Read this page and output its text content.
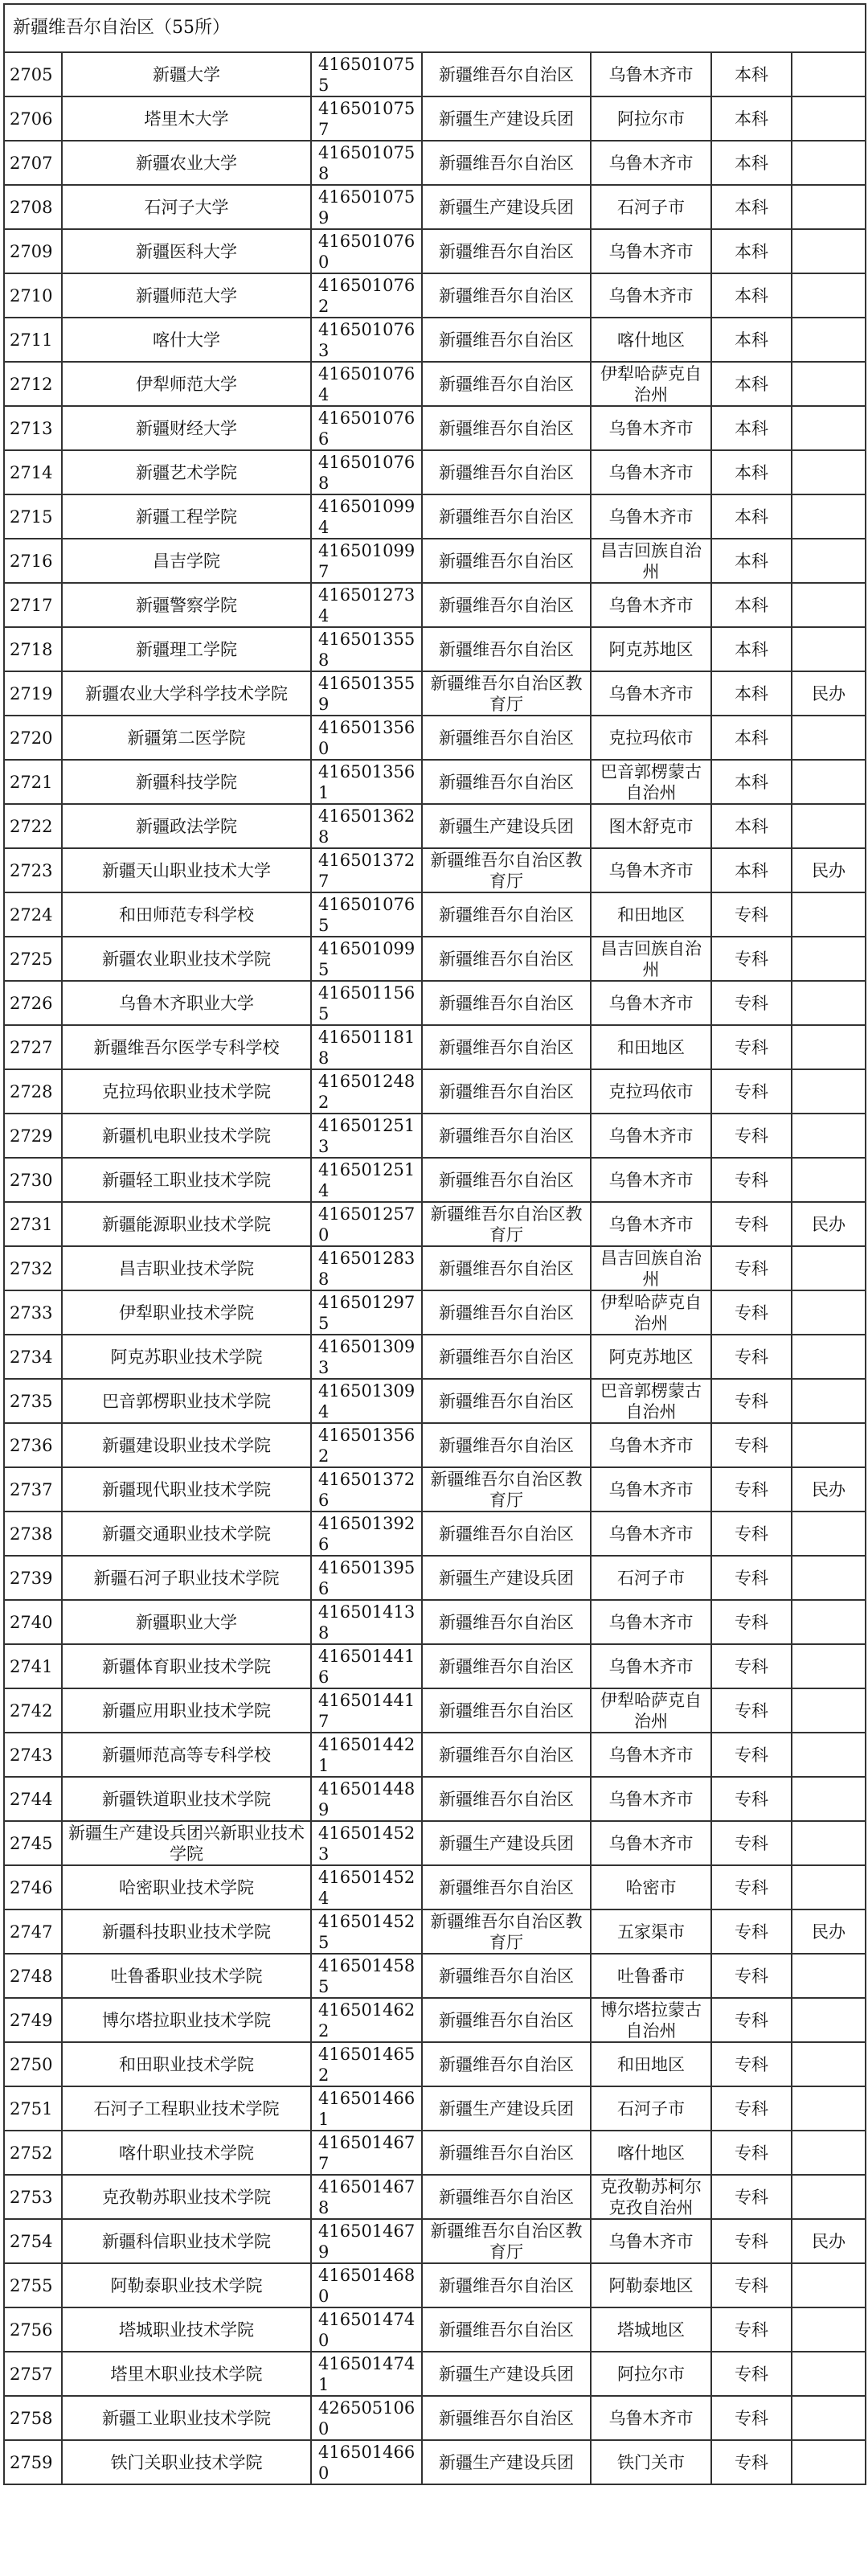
新疆维吾尔自治区（55所）						
2705	新疆大学	4165010755	新疆维吾尔自治区	乌鲁木齐市	本科	
2706	塔里木大学	4165010757	新疆生产建设兵团	阿拉尔市	本科	
2707	新疆农业大学	4165010758	新疆维吾尔自治区	乌鲁木齐市	本科	
2708	石河子大学	4165010759	新疆生产建设兵团	石河子市	本科	
2709	新疆医科大学	4165010760	新疆维吾尔自治区	乌鲁木齐市	本科	
2710	新疆师范大学	4165010762	新疆维吾尔自治区	乌鲁木齐市	本科	
2711	喀什大学	4165010763	新疆维吾尔自治区	喀什地区	本科	
2712	伊犁师范大学	4165010764	新疆维吾尔自治区	伊犁哈萨克自治州	本科	
2713	新疆财经大学	4165010766	新疆维吾尔自治区	乌鲁木齐市	本科	
2714	新疆艺术学院	4165010768	新疆维吾尔自治区	乌鲁木齐市	本科	
2715	新疆工程学院	4165010994	新疆维吾尔自治区	乌鲁木齐市	本科	
2716	昌吉学院	4165010997	新疆维吾尔自治区	昌吉回族自治州	本科	
2717	新疆警察学院	4165012734	新疆维吾尔自治区	乌鲁木齐市	本科	
2718	新疆理工学院	4165013558	新疆维吾尔自治区	阿克苏地区	本科	
2719	新疆农业大学科学技术学院	4165013559	新疆维吾尔自治区教育厅	乌鲁木齐市	本科	民办
2720	新疆第二医学院	4165013560	新疆维吾尔自治区	克拉玛依市	本科	
2721	新疆科技学院	4165013561	新疆维吾尔自治区	巴音郭楞蒙古自治州	本科	
2722	新疆政法学院	4165013628	新疆生产建设兵团	图木舒克市	本科	
2723	新疆天山职业技术大学	4165013727	新疆维吾尔自治区教育厅	乌鲁木齐市	本科	民办
2724	和田师范专科学校	4165010765	新疆维吾尔自治区	和田地区	专科	
2725	新疆农业职业技术学院	4165010995	新疆维吾尔自治区	昌吉回族自治州	专科	
2726	乌鲁木齐职业大学	4165011565	新疆维吾尔自治区	乌鲁木齐市	专科	
2727	新疆维吾尔医学专科学校	4165011818	新疆维吾尔自治区	和田地区	专科	
2728	克拉玛依职业技术学院	4165012482	新疆维吾尔自治区	克拉玛依市	专科	
2729	新疆机电职业技术学院	4165012513	新疆维吾尔自治区	乌鲁木齐市	专科	
2730	新疆轻工职业技术学院	4165012514	新疆维吾尔自治区	乌鲁木齐市	专科	
2731	新疆能源职业技术学院	4165012570	新疆维吾尔自治区教育厅	乌鲁木齐市	专科	民办
2732	昌吉职业技术学院	4165012838	新疆维吾尔自治区	昌吉回族自治州	专科	
2733	伊犁职业技术学院	4165012975	新疆维吾尔自治区	伊犁哈萨克自治州	专科	
2734	阿克苏职业技术学院	4165013093	新疆维吾尔自治区	阿克苏地区	专科	
2735	巴音郭楞职业技术学院	4165013094	新疆维吾尔自治区	巴音郭楞蒙古自治州	专科	
2736	新疆建设职业技术学院	4165013562	新疆维吾尔自治区	乌鲁木齐市	专科	
2737	新疆现代职业技术学院	4165013726	新疆维吾尔自治区教育厅	乌鲁木齐市	专科	民办
2738	新疆交通职业技术学院	4165013926	新疆维吾尔自治区	乌鲁木齐市	专科	
2739	新疆石河子职业技术学院	4165013956	新疆生产建设兵团	石河子市	专科	
2740	新疆职业大学	4165014138	新疆维吾尔自治区	乌鲁木齐市	专科	
2741	新疆体育职业技术学院	4165014416	新疆维吾尔自治区	乌鲁木齐市	专科	
2742	新疆应用职业技术学院	4165014417	新疆维吾尔自治区	伊犁哈萨克自治州	专科	
2743	新疆师范高等专科学校	4165014421	新疆维吾尔自治区	乌鲁木齐市	专科	
2744	新疆铁道职业技术学院	4165014489	新疆维吾尔自治区	乌鲁木齐市	专科	
2745	新疆生产建设兵团兴新职业技术学院	4165014523	新疆生产建设兵团	乌鲁木齐市	专科	
2746	哈密职业技术学院	4165014524	新疆维吾尔自治区	哈密市	专科	
2747	新疆科技职业技术学院	4165014525	新疆维吾尔自治区教育厅	五家渠市	专科	民办
2748	吐鲁番职业技术学院	4165014585	新疆维吾尔自治区	吐鲁番市	专科	
2749	博尔塔拉职业技术学院	4165014622	新疆维吾尔自治区	博尔塔拉蒙古自治州	专科	
2750	和田职业技术学院	4165014652	新疆维吾尔自治区	和田地区	专科	
2751	石河子工程职业技术学院	4165014661	新疆生产建设兵团	石河子市	专科	
2752	喀什职业技术学院	4165014677	新疆维吾尔自治区	喀什地区	专科	
2753	克孜勒苏职业技术学院	4165014678	新疆维吾尔自治区	克孜勒苏柯尔克孜自治州	专科	
2754	新疆科信职业技术学院	4165014679	新疆维吾尔自治区教育厅	乌鲁木齐市	专科	民办
2755	阿勒泰职业技术学院	4165014680	新疆维吾尔自治区	阿勒泰地区	专科	
2756	塔城职业技术学院	4165014740	新疆维吾尔自治区	塔城地区	专科	
2757	塔里木职业技术学院	4165014741	新疆生产建设兵团	阿拉尔市	专科	
2758	新疆工业职业技术学院	4265051060	新疆维吾尔自治区	乌鲁木齐市	专科	
2759	铁门关职业技术学院	4165014660	新疆生产建设兵团	铁门关市	专科	
